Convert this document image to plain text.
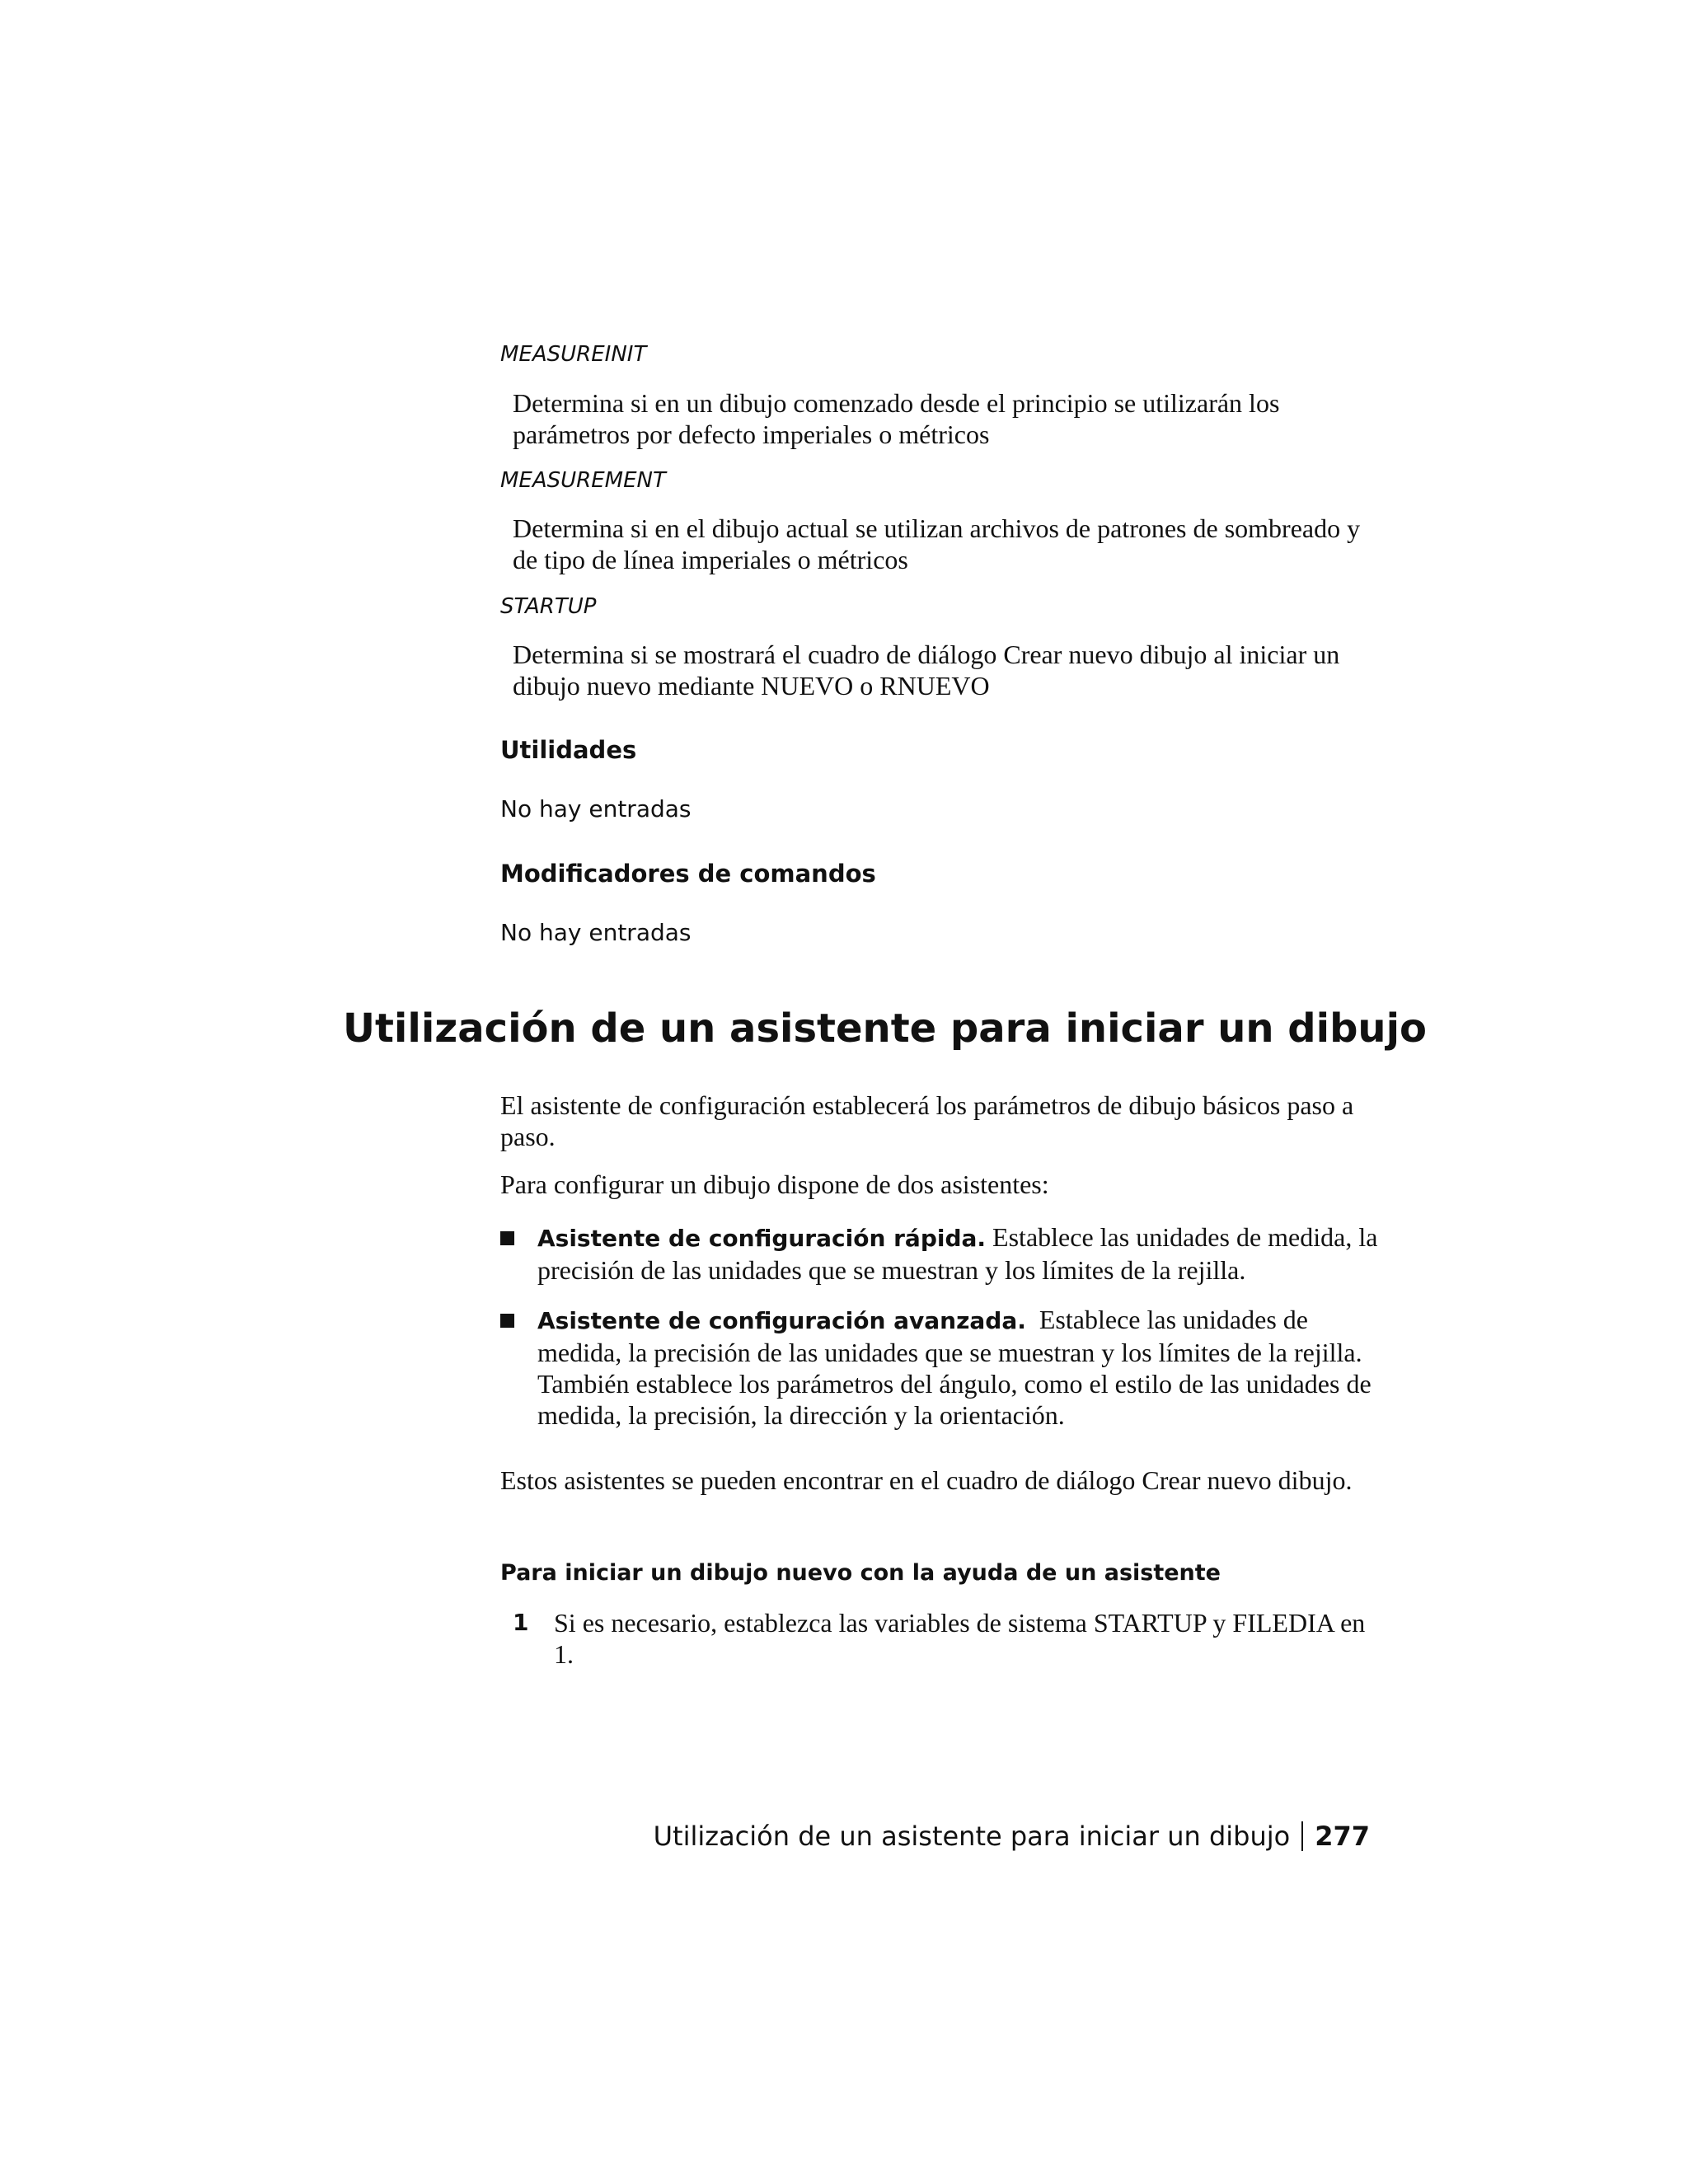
MEASUREINIT

Determina si en un dibujo comenzado desde el principio se utilizarán los parámetros por defecto imperiales o métricos

MEASUREMENT

Determina si en el dibujo actual se utilizan archivos de patrones de sombreado y de tipo de línea imperiales o métricos

STARTUP

Determina si se mostrará el cuadro de diálogo Crear nuevo dibujo al iniciar un dibujo nuevo mediante NUEVO o RNUEVO

Utilidades

No hay entradas

Modificadores de comandos

No hay entradas

Utilización de un asistente para iniciar un dibujo

El asistente de configuración establecerá los parámetros de dibujo básicos paso a paso.

Para configurar un dibujo dispone de dos asistentes:

Asistente de configuración rápida. Establece las unidades de medida, la precisión de las unidades que se muestran y los límites de la rejilla.
Asistente de configuración avanzada.  Establece las unidades de medida, la precisión de las unidades que se muestran y los límites de la rejilla. También establece los parámetros del ángulo, como el estilo de las unidades de medida, la precisión, la dirección y la orientación.

Estos asistentes se pueden encontrar en el cuadro de diálogo Crear nuevo dibujo.

Para iniciar un dibujo nuevo con la ayuda de un asistente
1 Si es necesario, establezca las variables de sistema STARTUP y FILEDIA en 1.
Utilización de un asistente para iniciar un dibujo 277
